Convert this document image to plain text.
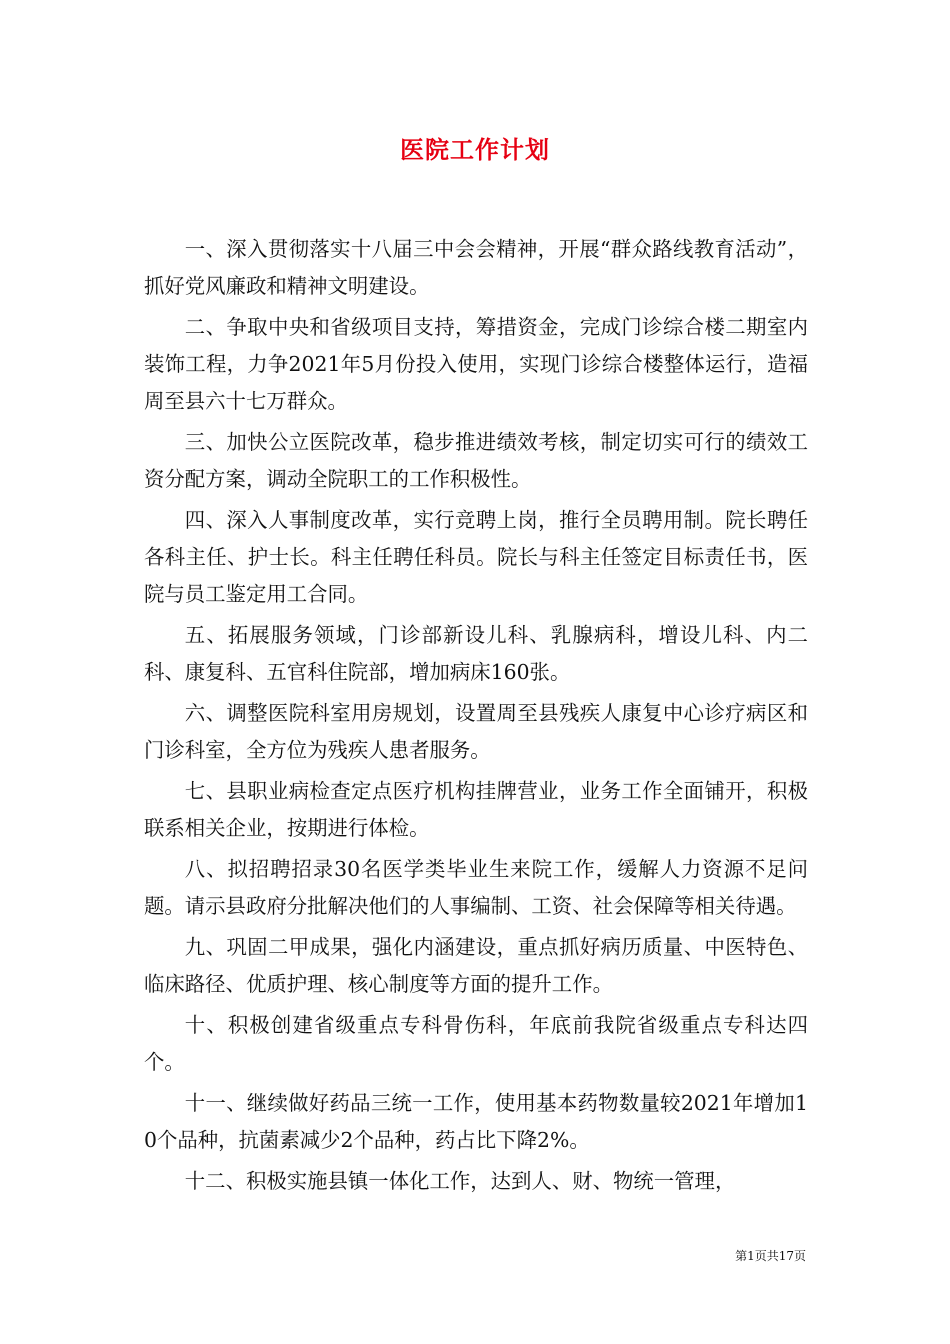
医院工作计划

一、深入贯彻落实十八届三中会会精神，开展“群众路线教育活动”，抓好党风廉政和精神文明建设。

二、争取中央和省级项目支持，筹措资金，完成门诊综合楼二期室内装饰工程，力争2021年5月份投入使用，实现门诊综合楼整体运行，造福周至县六十七万群众。

三、加快公立医院改革，稳步推进绩效考核，制定切实可行的绩效工资分配方案，调动全院职工的工作积极性。

四、深入人事制度改革，实行竞聘上岗，推行全员聘用制。院长聘任各科主任、护士长。科主任聘任科员。院长与科主任签定目标责任书，医院与员工鉴定用工合同。

五、拓展服务领域，门诊部新设儿科、乳腺病科，增设儿科、内二科、康复科、五官科住院部，增加病床160张。

六、调整医院科室用房规划，设置周至县残疾人康复中心诊疗病区和门诊科室，全方位为残疾人患者服务。

七、县职业病检查定点医疗机构挂牌营业，业务工作全面铺开，积极联系相关企业，按期进行体检。

八、拟招聘招录30名医学类毕业生来院工作，缓解人力资源不足问题。请示县政府分批解决他们的人事编制、工资、社会保障等相关待遇。

九、巩固二甲成果，强化内涵建设，重点抓好病历质量、中医特色、临床路径、优质护理、核心制度等方面的提升工作。

十、积极创建省级重点专科骨伤科，年底前我院省级重点专科达四个。

十一、继续做好药品三统一工作，使用基本药物数量较2021年增加10个品种，抗菌素减少2个品种，药占比下降2%。

十二、积极实施县镇一体化工作，达到人、财、物统一管理，

第1页共17页
